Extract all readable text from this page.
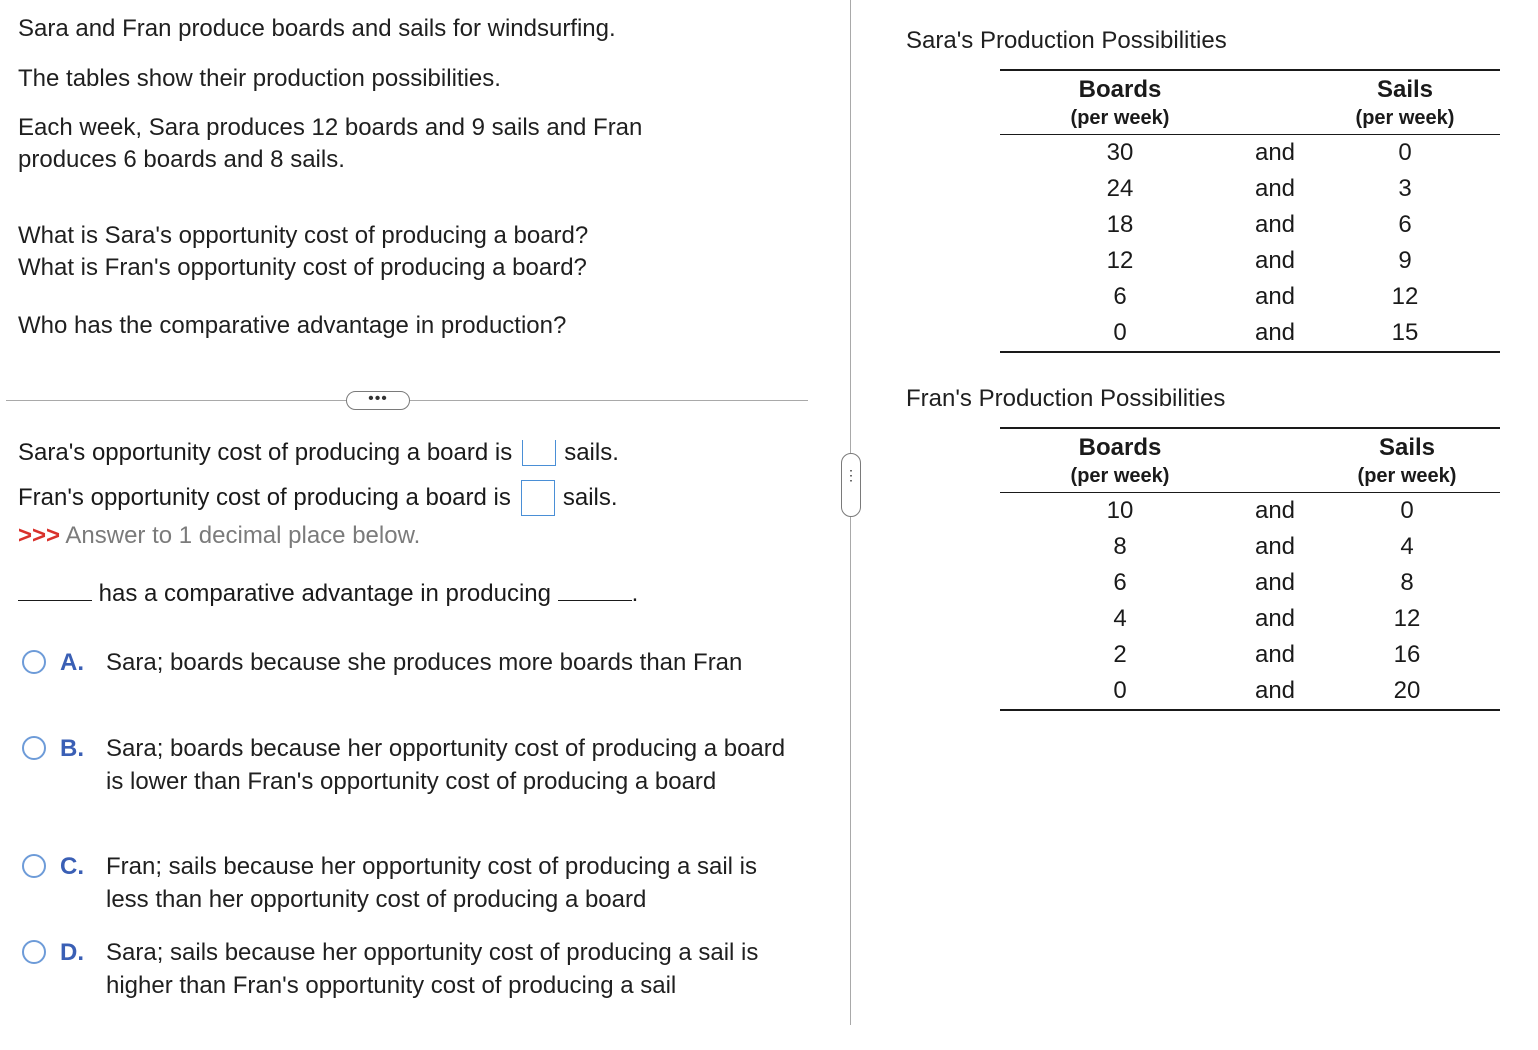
Sara and Fran produce boards and sails for windsurfing.
The tables show their production possibilities.
Each week, Sara produces 12 boards and 9 sails and Fran
produces 6 boards and 8 sails.
What is Sara's opportunity cost of producing a board?
What is Fran's opportunity cost of producing a board?
Who has the comparative advantage in production?
•••
Sara's opportunity cost of producing a board is sails.
Fran's opportunity cost of producing a board is sails.
>>> Answer to 1 decimal place below.
has a comparative advantage in producing	.
A. Sara; boards because she produces more boards than Fran
B. Sara; boards because her opportunity cost of producing a board is lower than Fran's opportunity cost of producing a board
C. Fran; sails because her opportunity cost of producing a sail is less than her opportunity cost of producing a board
D. Sara; sails because her opportunity cost of producing a sail is higher than Fran's opportunity cost of producing a sail
⋮
Sara's Production Possibilities
Boards
(per week)
Sails
(per week)
30	and	0
24	and	3
18	and	6
12	and	9
6	and	12
0	and	15
Fran's Production Possibilities
Boards
(per week)
Sails
(per week)
10	and	0
8	and	4
6	and	8
4	and	12
2	and	16
0	and	20
